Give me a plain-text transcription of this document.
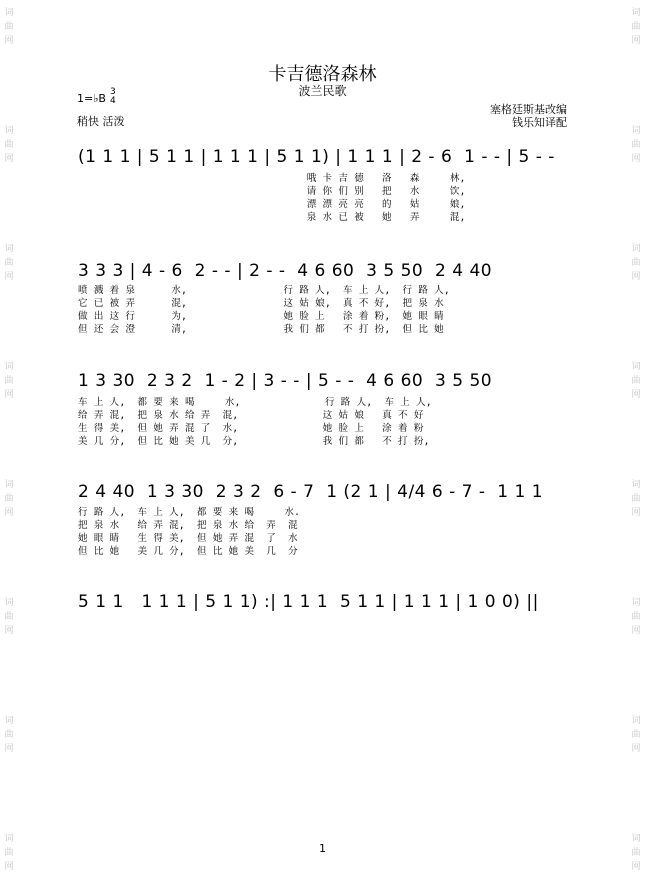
词
曲
网
词
曲
网
词
曲
网
词
曲
网
词
曲
网
词
曲
网
词
曲
网
词
曲
网
词
曲
网
词
曲
网
词
曲
网
词
曲
网
词
曲
网
词
曲
网
词
曲
网
词
曲
网
卡吉德洛森林
波兰民歌
1=♭B 3
4
稍快 活泼
塞格廷斯基改编
钱乐知译配
(1 1 1 | 5 1 1 | 1 1 1 | 5 1 1) | 1 1 1 | 2 - 6  1 - - | 5 - -
哦 卡 吉 德   洛   森     林,
请 你 们 别   把   水     饮,
漂 漂 亮 亮   的   姑     娘,
泉 水 已 被   她   弄     混,
3 3 3 | 4 - 6  2 - - | 2 - -  4 6 60  3 5 50  2 4 40
喷 溅 着 泉      水,                行 路 人,  车 上 人,  行 路 人,
它 已 被 弄      混,                这 姑 娘,  真 不 好,  把 泉 水
做 出 这 行      为,                她 脸 上   涂 着 粉,  她 眼 睛
但 还 会 澄      清,                我 们 都   不 打 扮,  但 比 她
1 3 30  2 3 2  1 - 2 | 3 - - | 5 - -  4 6 60  3 5 50
车 上 人,  都 要 来 喝     水,              行 路 人,  车 上 人,
给 弄 混,  把 泉 水 给 弄  混,              这 姑 娘   真 不 好
生 得 美,  但 她 弄 混 了  水,              她 脸 上   涂 着 粉
美 几 分,  但 比 她 美 几  分,              我 们 都   不 打 扮,
2 4 40  1 3 30  2 3 2  6 - 7  1 (2 1 | 4/4 6 - 7 -  1 1 1
行 路 人,  车 上 人,  都 要 来 喝     水.
把 泉 水   给 弄 混,  把 泉 水 给  弄  混
她 眼 睛   生 得 美,  但 她 弄 混  了  水
但 比 她   美 几 分,  但 比 她 美  几  分
5 1 1   1 1 1 | 5 1 1) :| 1 1 1  5 1 1 | 1 1 1 | 1 0 0) ||
1
